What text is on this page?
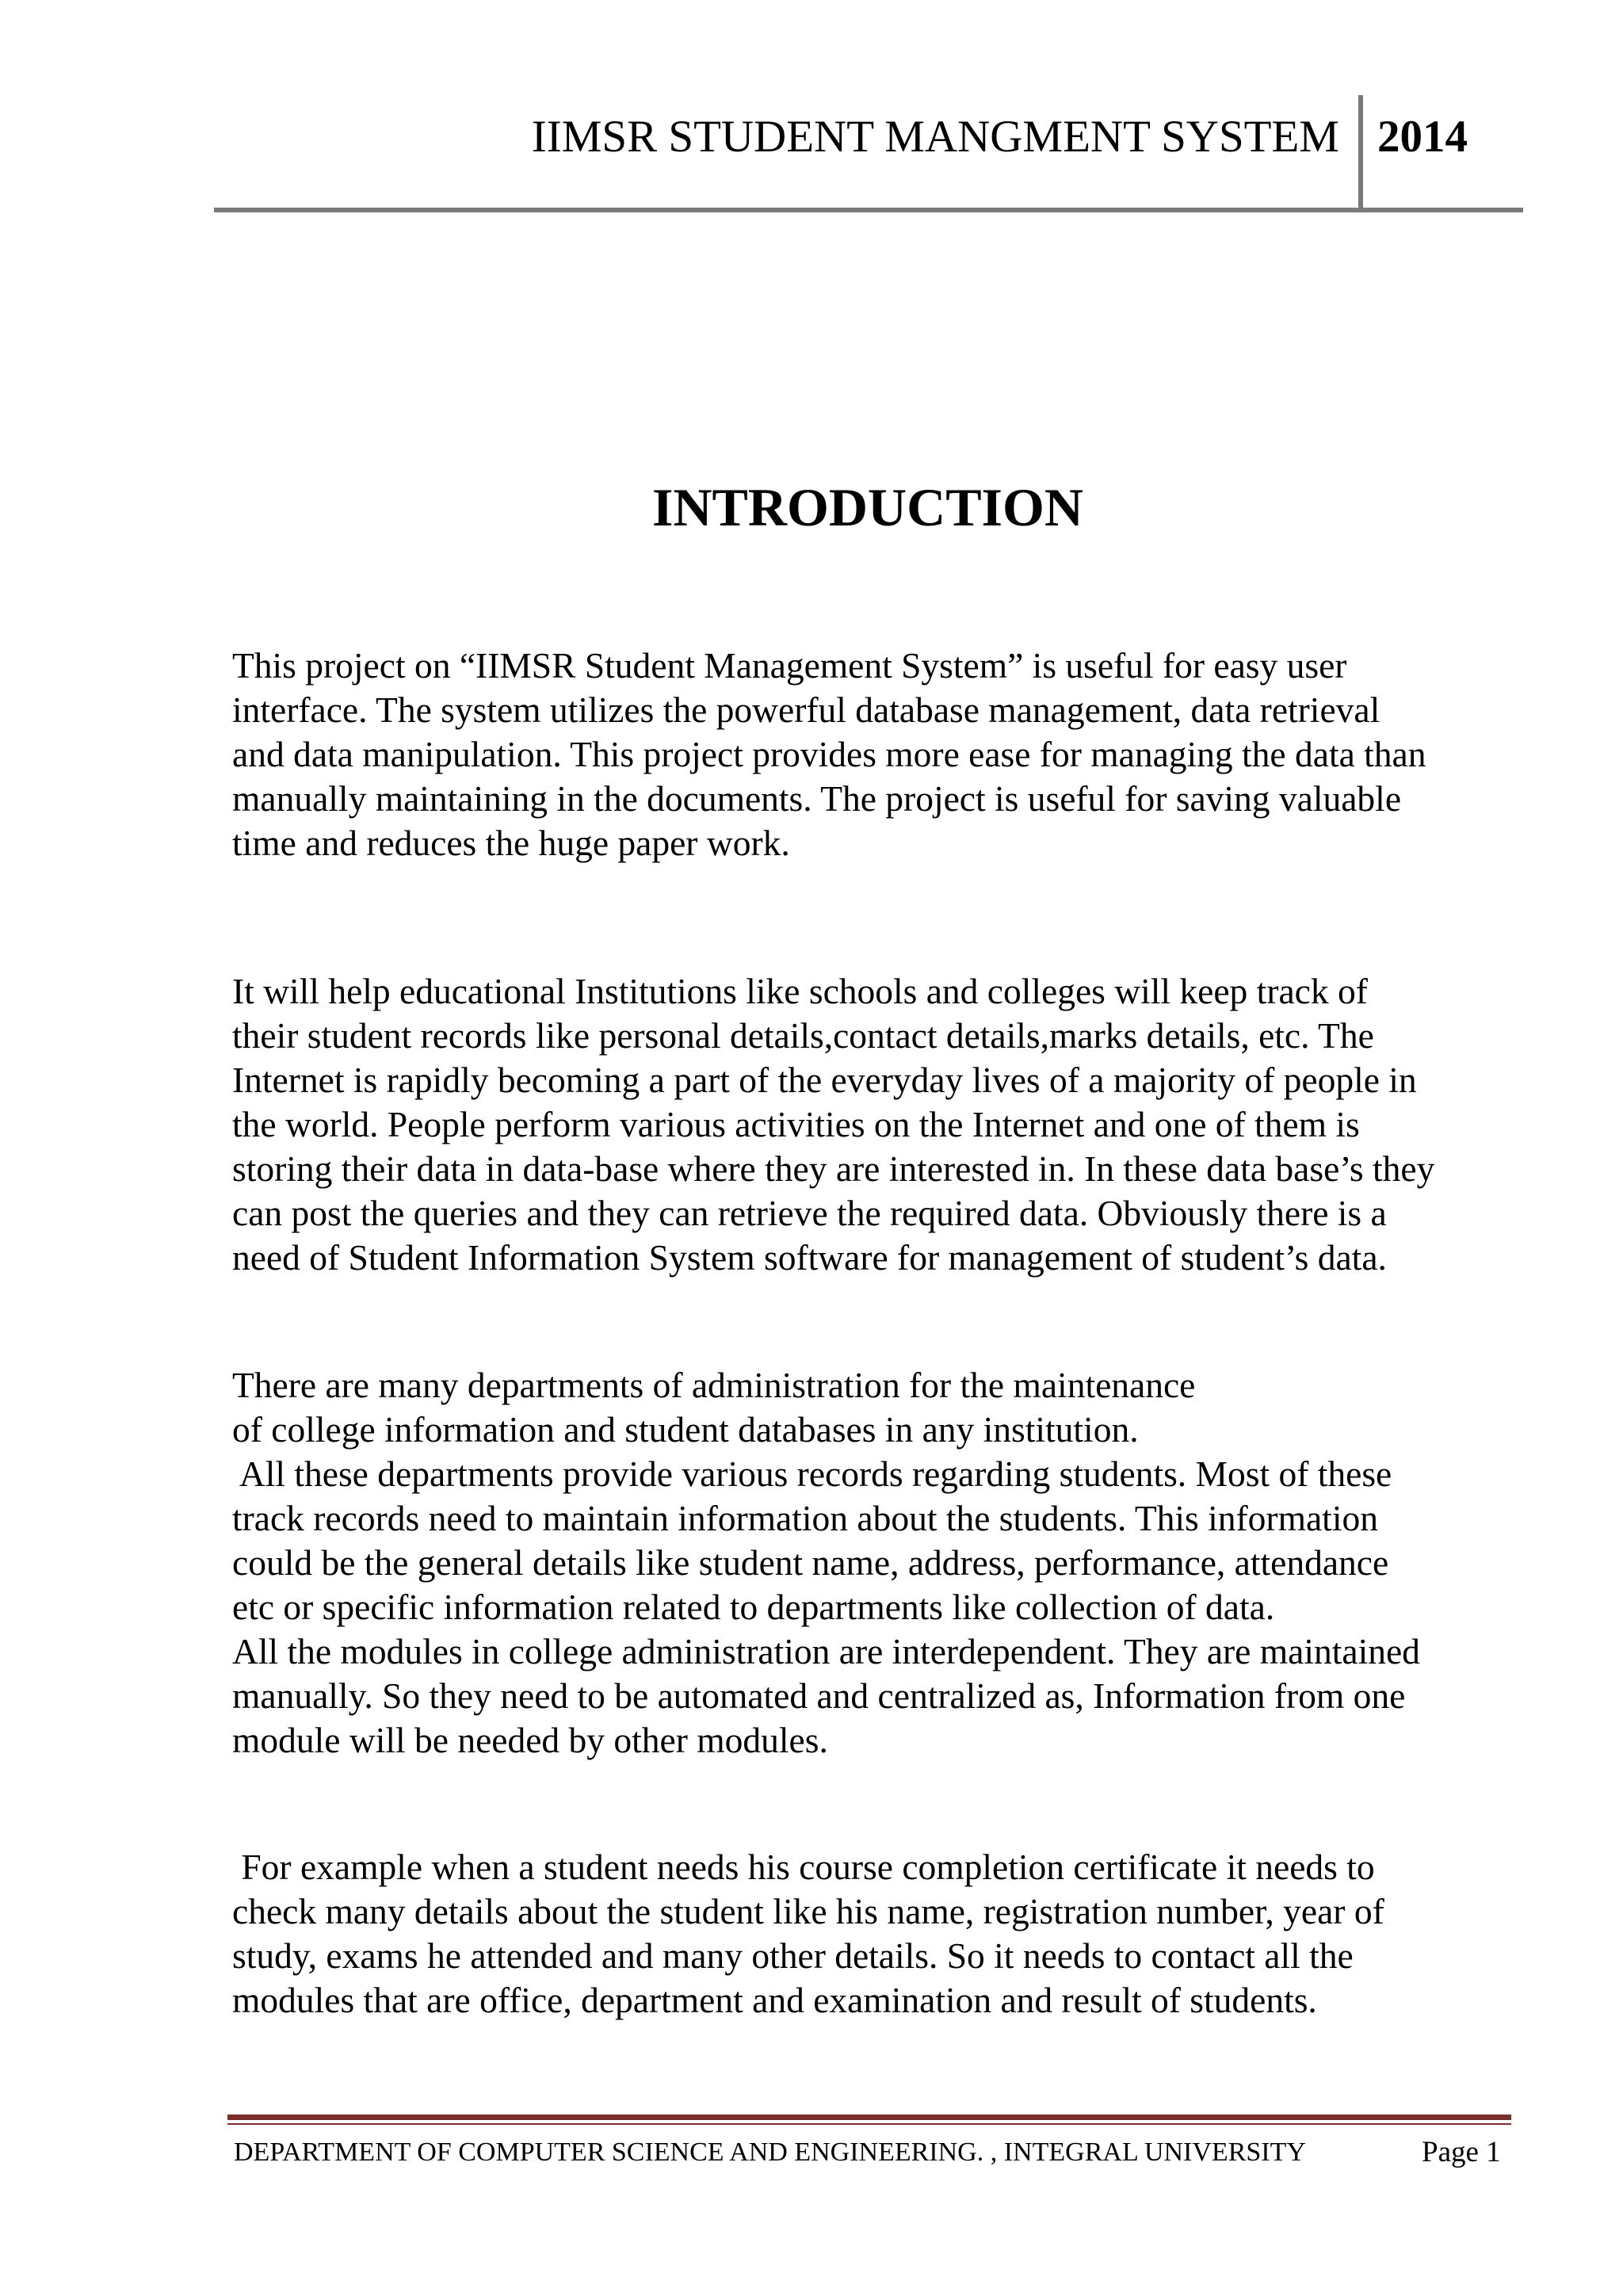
IIMSR STUDENT MANGMENT SYSTEM 2014
INTRODUCTION

This project on “IIMSR Student Management System” is useful for easy user
interface. The system utilizes the powerful database management, data retrieval
and data manipulation. This project provides more ease for managing the data than
manually maintaining in the documents. The project is useful for saving valuable
time and reduces the huge paper work.

It will help educational Institutions like schools and colleges will keep track of
their student records like personal details,contact details,marks details, etc. The
Internet is rapidly becoming a part of the everyday lives of a majority of people in
the world. People perform various activities on the Internet and one of them is
storing their data in data-base where they are interested in. In these data base’s they
can post the queries and they can retrieve the required data. Obviously there is a
need of Student Information System software for management of student’s data.

There are many departments of administration for the maintenance
of college information and student databases in any institution.
All these departments provide various records regarding students. Most of these
track records need to maintain information about the students. This information
could be the general details like student name, address, performance, attendance
etc or specific information related to departments like collection of data.
All the modules in college administration are interdependent. They are maintained
manually. So they need to be automated and centralized as, Information from one
module will be needed by other modules.

For example when a student needs his course completion certificate it needs to
check many details about the student like his name, registration number, year of
study, exams he attended and many other details. So it needs to contact all the
modules that are office, department and examination and result of students.

DEPARTMENT OF COMPUTER SCIENCE AND ENGINEERING. , INTEGRAL UNIVERSITY	Page 1
